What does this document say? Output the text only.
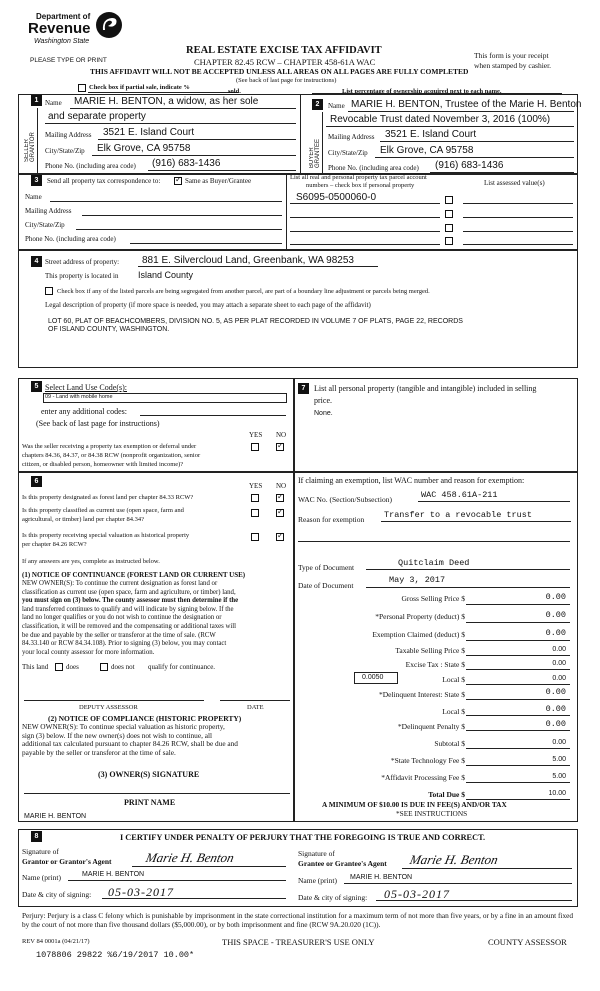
Department of
Revenue
Washington State
PLEASE TYPE OR PRINT
REAL ESTATE EXCISE TAX AFFIDAVIT
CHAPTER 82.45 RCW – CHAPTER 458-61A WAC
THIS AFFIDAVIT WILL NOT BE ACCEPTED UNLESS ALL AREAS ON ALL PAGES ARE FULLY COMPLETED
(See back of last page for instructions)
This form is your receipt
when stamped by cashier.
Check box if partial sale, indicate %
sold.	List percentage of ownership acquired next to each name.
1
SELLER GRANTOR
Name MARIE H. BENTON, a widow, as her sole
and separate property
Mailing Address 3521 E. Island Court
City/State/Zip Elk Grove, CA 95758
Phone No. (including area code) (916) 683-1436
2
BUYER GRANTEE
Name MARIE H. BENTON, Trustee of the Marie H. Benton
Revocable Trust dated November 3, 2016 (100%)
Mailing Address 3521 E. Island Court
City/State/Zip Elk Grove, CA 95758
Phone No. (including area code) (916) 683-1436
3	Send all property tax correspondence to:
✓	Same as Buyer/Grantee
Name
Mailing Address
City/State/Zip
Phone No. (including area code)
List all real and personal property tax parcel account
numbers – check box if personal property	List assessed value(s)
S6095-0500060-0
4 Street address of property: 881 E. Silvercloud Land, Greenbank, WA 98253
This property is located in Island County
Check box if any of the listed parcels are being segregated from another parcel, are part of a boundary line adjustment or parcels being merged.
Legal description of property (if more space is needed, you may attach a separate sheet to each page of the affidavit)
LOT 60, PLAT OF BEACHCOMBERS, DIVISION NO. 5, AS PER PLAT RECORDED IN VOLUME 7 OF PLATS, PAGE 22, RECORDS
OF ISLAND COUNTY, WASHINGTON.
5 Select Land Use Code(s):
09 - Land with mobile home
enter any additional codes:
(See back of last page for instructions)
YES NO
Was the seller receiving a property tax exemption or deferral under
chapters 84.36, 84.37, or 84.38 RCW (nonprofit organization, senior
citizen, or disabled person, homeowner with limited income)?
✓
7	List all personal property (tangible and intangible) included in selling
price.
None.
6
YES NO
Is this property designated as forest land per chapter 84.33 RCW?
✓
Is this property classified as current use (open space, farm and
agricultural, or timber) land per chapter 84.34?
✓
Is this property receiving special valuation as historical property
per chapter 84.26 RCW?
✓
If any answers are yes, complete as instructed below.
(1) NOTICE OF CONTINUANCE (FOREST LAND OR CURRENT USE)
NEW OWNER(S): To continue the current designation as forest land or
classification as current use (open space, farm and agriculture, or timber) land,
you must sign on (3) below. The county assessor must then determine if the
land transferred continues to qualify and will indicate by signing below. If the
land no longer qualifies or you do not wish to continue the designation or
classification, it will be removed and the compensating or additional taxes will
be due and payable by the seller or transferor at the time of sale. (RCW
84.33.140 or RCW 84.34.108). Prior to signing (3) below, you may contact
your local county assessor for more information.
This land	does	does not qualify for continuance.
DEPUTY ASSESSOR	DATE
(2) NOTICE OF COMPLIANCE (HISTORIC PROPERTY)
NEW OWNER(S): To continue special valuation as historic property,
sign (3) below. If the new owner(s) does not wish to continue, all
additional tax calculated pursuant to chapter 84.26 RCW, shall be due and
payable by the seller or transferor at the time of sale.
(3) OWNER(S) SIGNATURE
PRINT NAME
MARIE H. BENTON
If claiming an exemption, list WAC number and reason for exemption:
WAC No. (Section/Subsection)	WAC 458.61A-211
Reason for exemption Transfer to a revocable trust
Type of Document	Quitclaim Deed
Date of Document
May 3, 2017
Gross Selling Price $	0.00
*Personal Property (deduct) $	0.00
Exemption Claimed (deduct) $	0.00
Taxable Selling Price $	0.00
Excise Tax : State $	0.00
0.0050	Local $	0.00
*Delinquent Interest: State $	0.00
Local $	0.00
*Delinquent Penalty $	0.00
Subtotal $	0.00
*State Technology Fee $	5.00
*Affidavit Processing Fee $	5.00
Total Due $	10.00
A MINIMUM OF $10.00 IS DUE IN FEE(S) AND/OR TAX
*SEE INSTRUCTIONS
8	I CERTIFY UNDER PENALTY OF PERJURY THAT THE FOREGOING IS TRUE AND CORRECT.
Signature of
Grantor or Grantor's Agent	Marie H. Benton
Name (print)	MARIE H. BENTON
Date & city of signing: 05-03-2017
Signature of
Grantee or Grantee's Agent Marie H. Benton
Name (print) MARIE H. BENTON
Date & city of signing: 05-03-2017
Perjury: Perjury is a class C felony which is punishable by imprisonment in the state correctional institution for a maximum term of not more than five years, or by a fine in an amount fixed by the court of not more than five thousand dollars ($5,000.00), or by both imprisonment and fine (RCW 9A.20.020 (1C)).
REV 84 0001a (04/21/17)	THIS SPACE - TREASURER'S USE ONLY	COUNTY ASSESSOR
1078806 29822 %6/19/2017 10.00*
